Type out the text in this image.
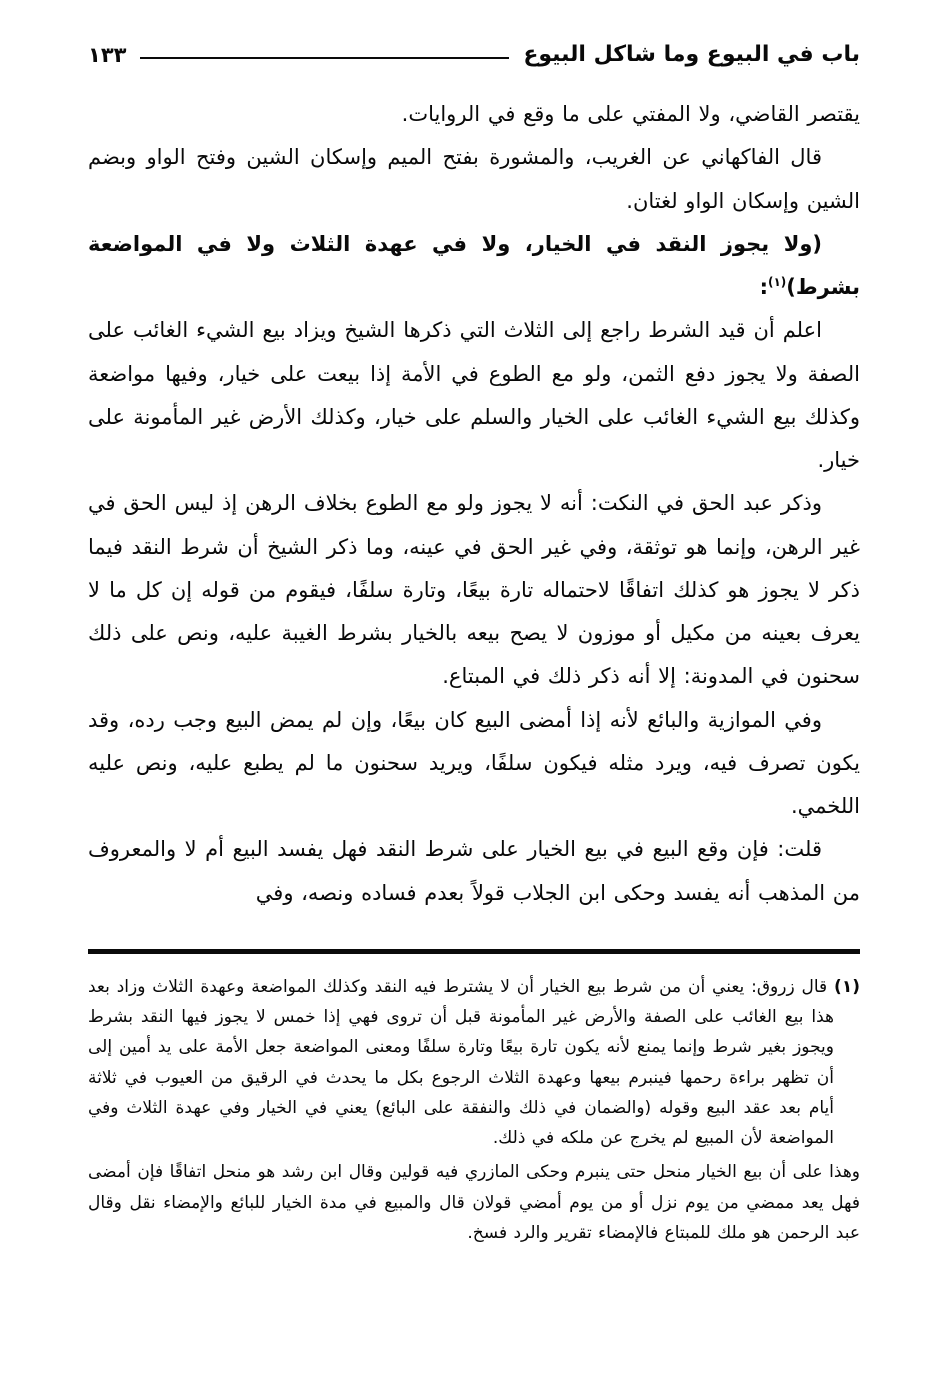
باب في البيوع وما شاكل البيوع
١٣٣

يقتصر القاضي، ولا المفتي على ما وقع في الروايات.

قال الفاكهاني عن الغريب، والمشورة بفتح الميم وإسكان الشين وفتح الواو وبضم الشين وإسكان الواو لغتان.

(ولا يجوز النقد في الخيار، ولا في عهدة الثلاث ولا في المواضعة بشرط)$^{(١)}$:

اعلم أن قيد الشرط راجع إلى الثلاث التي ذكرها الشيخ ويزاد بيع الشيء الغائب على الصفة ولا يجوز دفع الثمن، ولو مع الطوع في الأمة إذا بيعت على خيار، وفيها مواضعة وكذلك بيع الشيء الغائب على الخيار والسلم على خيار، وكذلك الأرض غير المأمونة على خيار.

وذكر عبد الحق في النكت: أنه لا يجوز ولو مع الطوع بخلاف الرهن إذ ليس الحق في غير الرهن، وإنما هو توثقة، وفي غير الحق في عينه، وما ذكر الشيخ أن شرط النقد فيما ذكر لا يجوز هو كذلك اتفاقًا لاحتماله تارة بيعًا، وتارة سلفًا، فيقوم من قوله إن كل ما لا يعرف بعينه من مكيل أو موزون لا يصح بيعه بالخيار بشرط الغيبة عليه، ونص على ذلك سحنون في المدونة: إلا أنه ذكر ذلك في المبتاع.

وفي الموازية والبائع لأنه إذا أمضى البيع كان بيعًا، وإن لم يمض البيع وجب رده، وقد يكون تصرف فيه، ويرد مثله فيكون سلفًا، ويريد سحنون ما لم يطبع عليه، ونص عليه اللخمي.

قلت: فإن وقع البيع في بيع الخيار على شرط النقد فهل يفسد البيع أم لا والمعروف من المذهب أنه يفسد وحكى ابن الجلاب قولاً بعدم فساده ونصه، وفي

(١) قال زروق: يعني أن من شرط بيع الخيار أن لا يشترط فيه النقد وكذلك المواضعة وعهدة الثلاث وزاد بعد هذا بيع الغائب على الصفة والأرض غير المأمونة قبل أن تروى فهي إذا خمس لا يجوز فيها النقد بشرط ويجوز بغير شرط وإنما يمنع لأنه يكون تارة بيعًا وتارة سلفًا ومعنى المواضعة جعل الأمة على يد أمين إلى أن تظهر براءة رحمها فينبرم بيعها وعهدة الثلاث الرجوع بكل ما يحدث في الرقيق من العيوب في ثلاثة أيام بعد عقد البيع وقوله (والضمان في ذلك والنفقة على البائع) يعني في الخيار وفي عهدة الثلاث وفي المواضعة لأن المبيع لم يخرج عن ملكه في ذلك.

وهذا على أن بيع الخيار منحل حتى ينبرم وحكى المازري فيه قولين وقال ابن رشد هو منحل اتفاقًا فإن أمضى فهل يعد ممضي من يوم نزل أو من يوم أمضي قولان قال والمبيع في مدة الخيار للبائع والإمضاء نقل وقال عبد الرحمن هو ملك للمبتاع فالإمضاء تقرير والرد فسخ.
